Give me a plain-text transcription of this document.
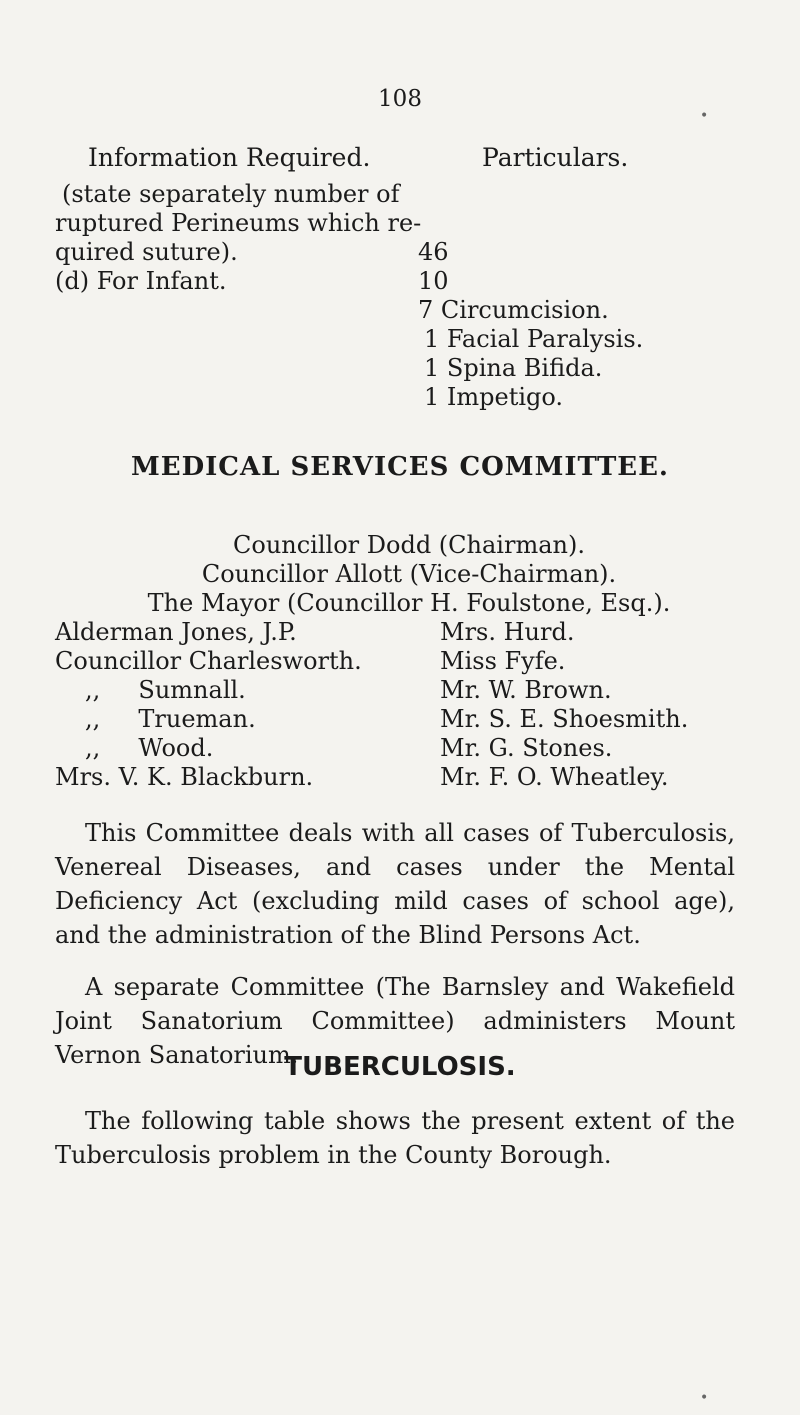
108
Information Required.	Particulars.
(state separately number of
ruptured Perineums which re-
quired suture).
(d) For Infant.
46
10
7 Circumcision.
1 Facial Paralysis.
1 Spina Bifida.
1 Impetigo.
MEDICAL SERVICES COMMITTEE.
Councillor Dodd (Chairman).
Councillor Allott (Vice-Chairman).
The Mayor (Councillor H. Foulstone, Esq.).
Alderman Jones, J.P.
Councillor Charlesworth.
,,     Sumnall.
,,     Trueman.
,,     Wood.
Mrs. V. K. Blackburn.
Mrs. Hurd.
Miss Fyfe.
Mr. W. Brown.
Mr. S. E. Shoesmith.
Mr. G. Stones.
Mr. F. O. Wheatley.
This Committee deals with all cases of Tuberculosis, Venereal Diseases, and cases under the Mental Deficiency Act (excluding mild cases of school age), and the administration of the Blind Persons Act.
A separate Committee (The Barnsley and Wakefield Joint Sanatorium Committee) administers Mount Vernon Sanatorium.
TUBERCULOSIS.
The following table shows the present extent of the Tuberculosis problem in the County Borough.
•
•
